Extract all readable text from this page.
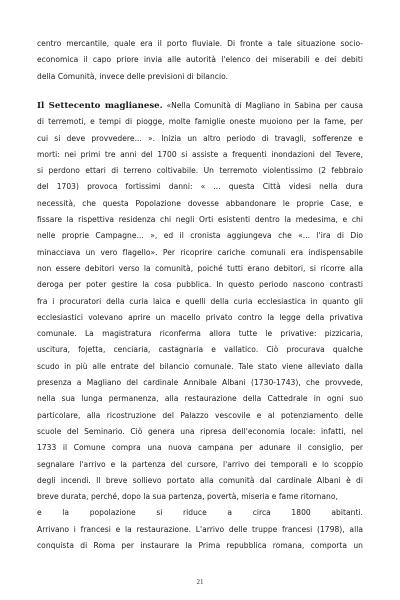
centro mercantile, quale era il porto fluviale. Di fronte a tale situazione socio-
economica il capo priore invia alle autorità l'elenco dei miserabili e dei debiti
della Comunità, invece delle previsioni di bilancio.
Il Settecento maglianese. «Nella Comunità di Magliano in Sabina per causa
di terremoti, e tempi di piogge, molte famiglie oneste muoiono per la fame, per
cui si deve provvedere... ». Inizia un altro periodo di travagli, sofferenze e
morti: nei primi tre anni del 1700 si assiste a frequenti inondazioni del Tevere,
si perdono ettari di terreno coltivabile. Un terremoto violentissimo (2 febbraio
del 1703) provoca fortissimi danni: « ... questa Città videsi nella dura
necessità, che questa Popolazione dovesse abbandonare le proprie Case, e
fissare la rispettiva residenza chi negli Orti esistenti dentro la medesima, e chi
nelle proprie Campagne... », ed il cronista aggiungeva che «... l'ira di Dio
minacciava un vero flagello». Per ricoprire cariche comunali era indispensabile
non essere debitori verso la comunità, poiché tutti erano debitori, si ricorre alla
deroga per poter gestire la cosa pubblica. In questo periodo nascono contrasti
fra i procuratori della curia laica e quelli della curia ecclesiastica in quanto gli
ecclesiastici volevano aprire un macello privato contro la legge della privativa
comunale. La magistratura riconferma allora tutte le privative: pizzicaria,
uscitura, fojetta, cenciaria, castagnaria e vallatico. Ciò procurava qualche
scudo in più alle entrate del bilancio comunale. Tale stato viene alleviato dalla
presenza a Magliano del cardinale Annibale Albani (1730-1743), che provvede,
nella sua lunga permanenza, alla restaurazione della Cattedrale in ogni suo
particolare, alla ricostruzione del Palazzo vescovile e al potenziamento delle
scuole del Seminario. Ciò genera una ripresa dell'economia locale: infatti, nel
1733 il Comune compra una nuova campana per adunare il consiglio, per
segnalare l'arrivo e la partenza del cursore, l'arrivo dei temporali e lo scoppio
degli incendi. Il breve sollievo portato alla comunità dal cardinale Albani è di
breve durata, perché, dopo la sua partenza, povertà, miseria e fame ritornano,
e la popolazione si riduce a circa 1800 abitanti.
Arrivano i francesi e la restaurazione. L'arrivo delle truppe francesi (1798), alla
conquista di Roma per instaurare la Prima repubblica romana, comporta un
21
